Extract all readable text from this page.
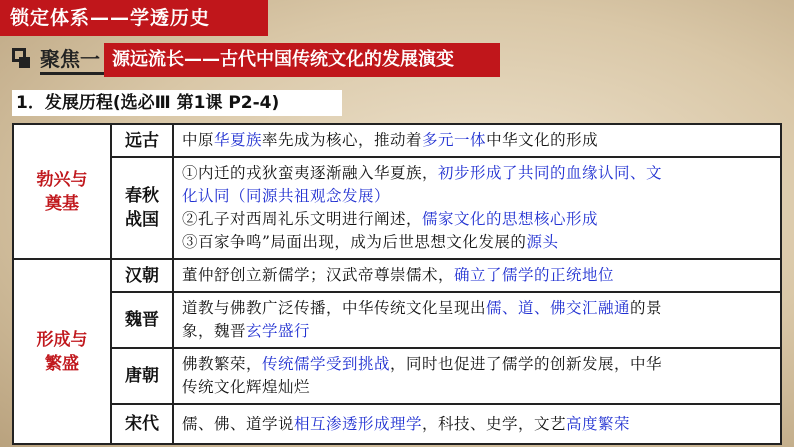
锁定体系——学透历史
聚焦一 源远流长——古代中国传统文化的发展演变
1．发展历程(选必Ⅲ 第1课 P2-4)
勃兴与
奠基	远古	中原华夏族率先成为核心，推动着多元一体中华文化的形成

	春秋
战国	①内迁的戎狄蛮夷逐渐融入华夏族，初步形成了共同的血缘认同、文
化认同（同源共祖观念发展）
②孔子对西周礼乐文明进行阐述，儒家文化的思想核心形成
③百家争鸣”局面出现，成为后世思想文化发展的源头

形成与
繁盛	汉朝	董仲舒创立新儒学；汉武帝尊崇儒术，确立了儒学的正统地位
	魏晋	道教与佛教广泛传播，中华传统文化呈现出儒、道、佛交汇融通的景
象，魏晋玄学盛行

	唐朝	佛教繁荣，传统儒学受到挑战，同时也促进了儒学的创新发展，中华
传统文化辉煌灿烂

	宋代	儒、佛、道学说相互渗透形成理学，科技、史学，文艺高度繁荣
